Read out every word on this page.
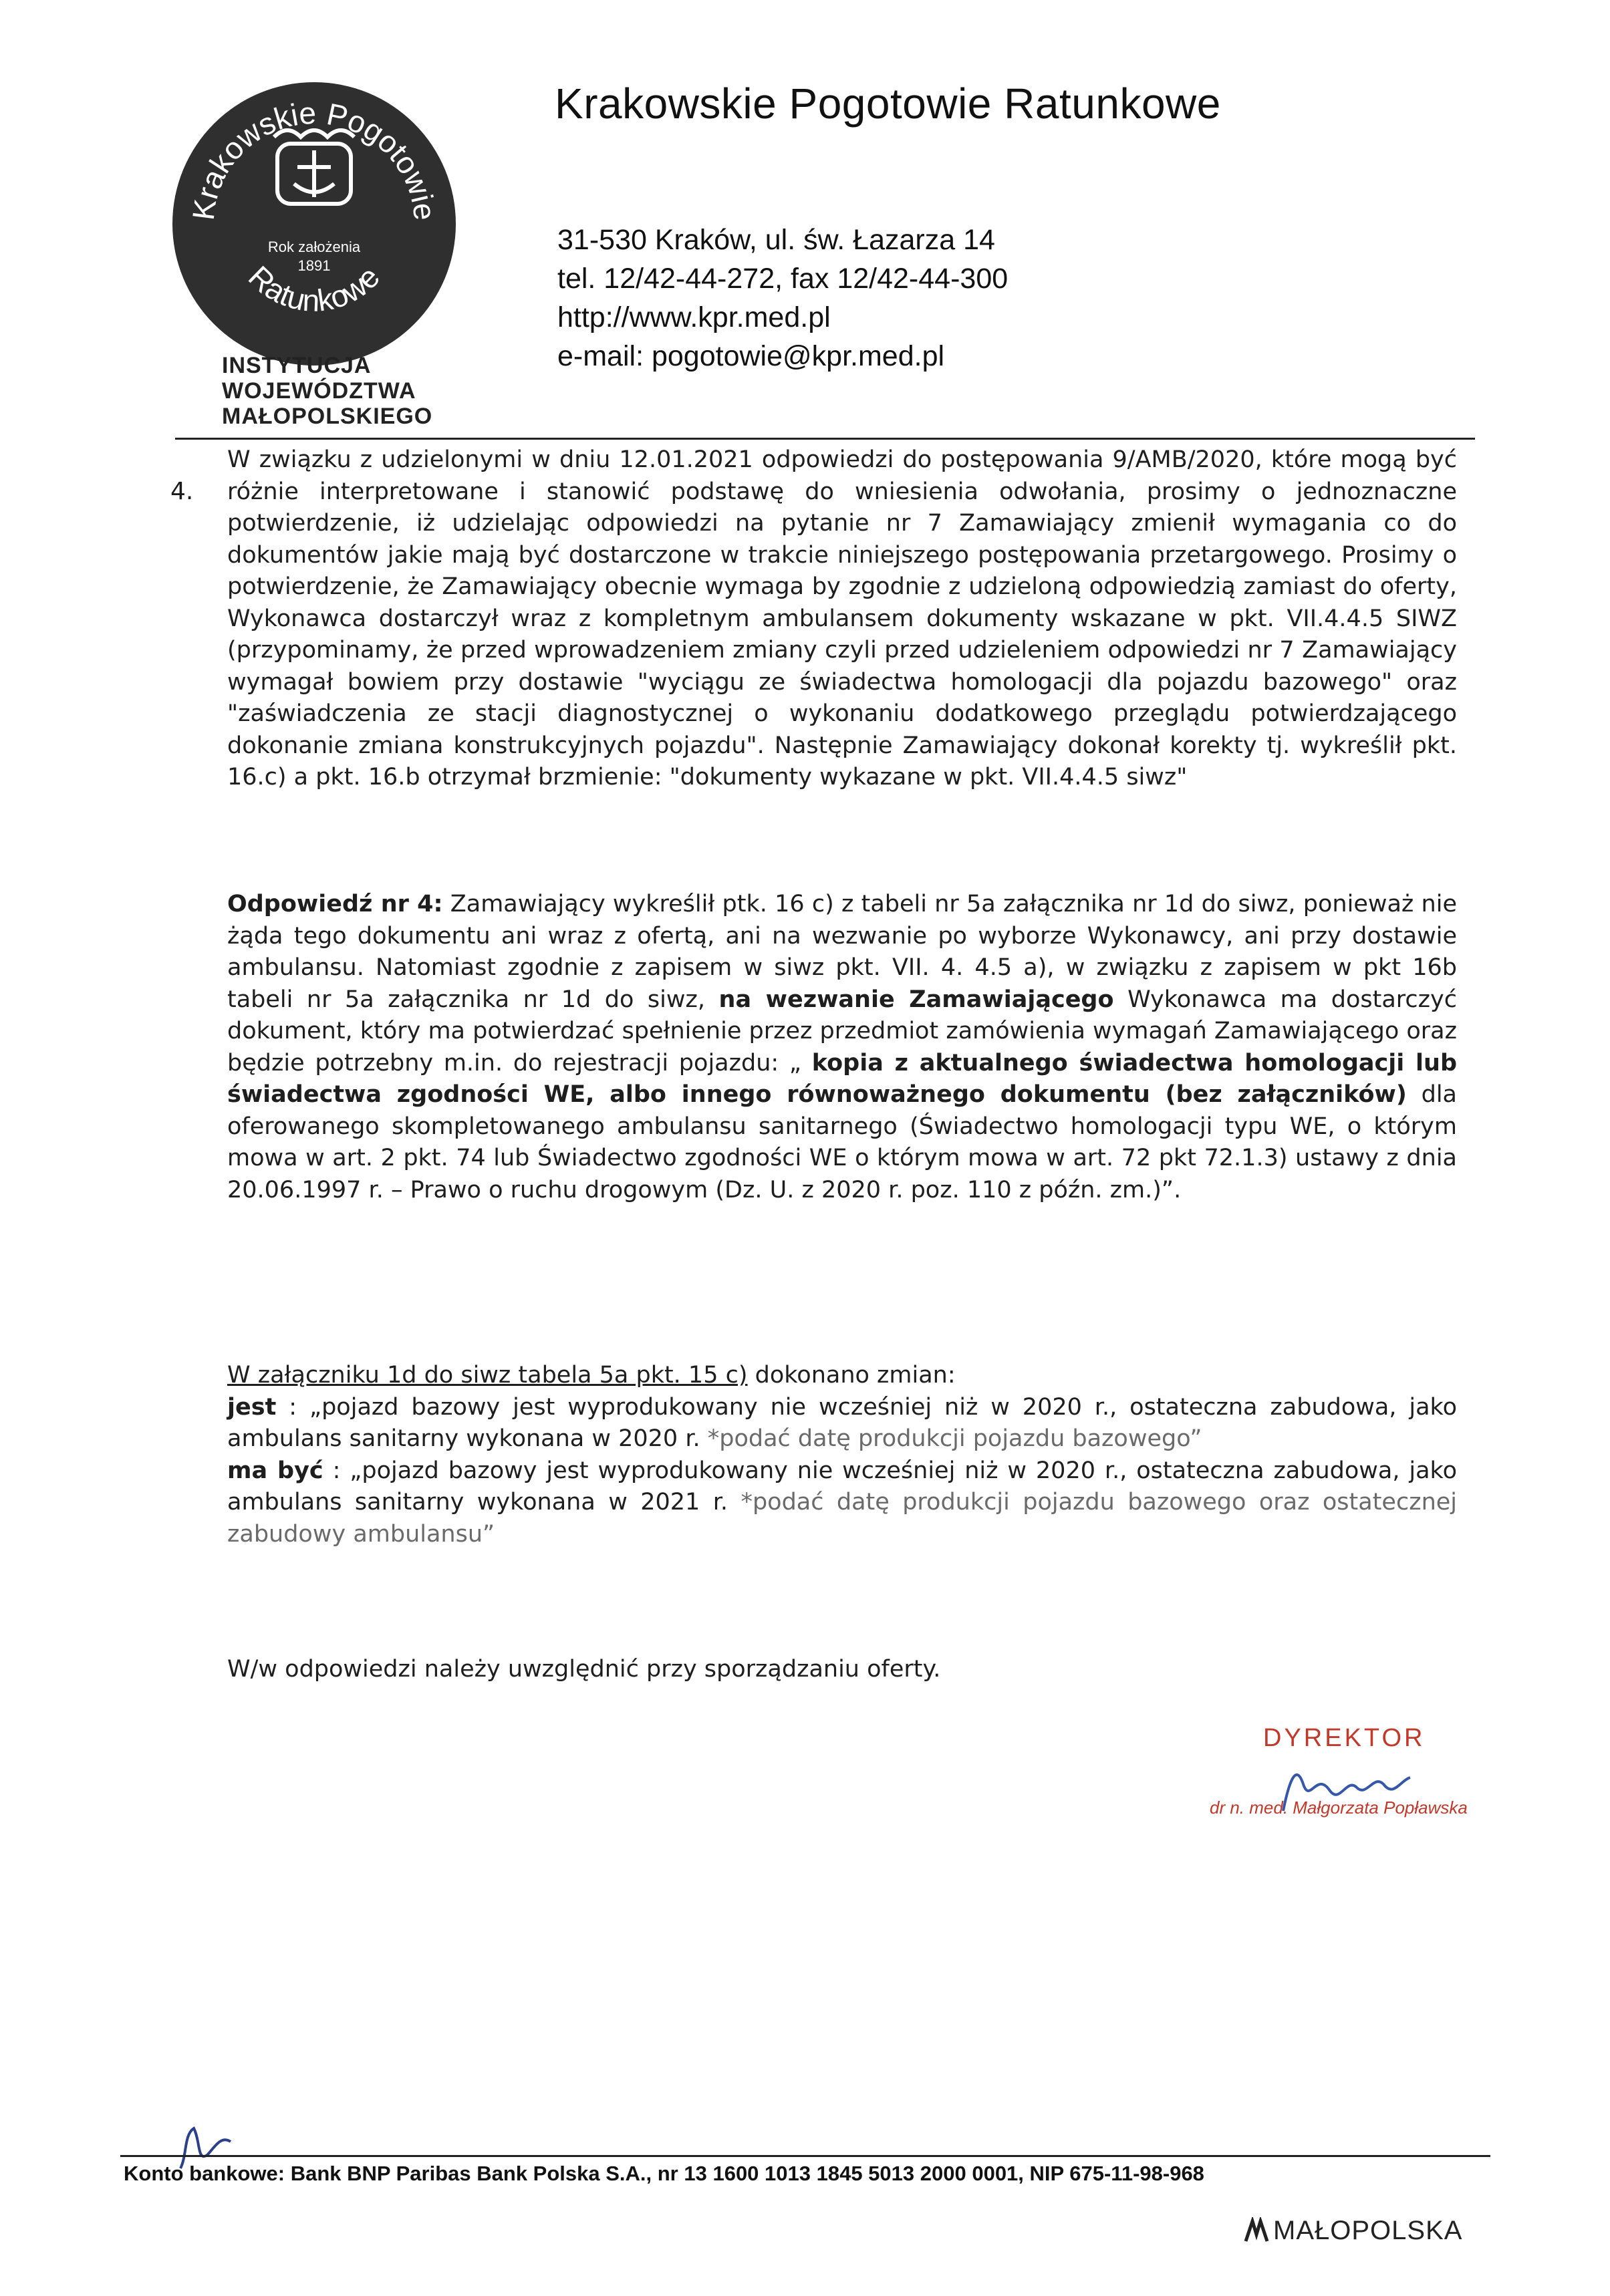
Krakowskie Pogotowie
Ratunkowe
Rok założenia
1891
INSTYTUCJA
WOJEWÓDZTWA
MAŁOPOLSKIEGO
Krakowskie Pogotowie Ratunkowe
31-530 Kraków, ul. św. Łazarza 14
tel. 12/42-44-272, fax 12/42-44-300
http://www.kpr.med.pl
e-mail: pogotowie@kpr.med.pl
4.
W związku z udzielonymi w dniu 12.01.2021 odpowiedzi do postępowania 9/AMB/2020, które mogą być różnie interpretowane i stanowić podstawę do wniesienia odwołania, prosimy o jednoznaczne potwierdzenie, iż udzielając odpowiedzi na pytanie nr 7 Zamawiający zmienił wymagania co do dokumentów jakie mają być dostarczone w trakcie niniejszego postępowania przetargowego. Prosimy o potwierdzenie, że Zamawiający obecnie wymaga by zgodnie z udzieloną odpowiedzią zamiast do oferty, Wykonawca dostarczył wraz z kompletnym ambulansem dokumenty wskazane w pkt. VII.4.4.5 SIWZ (przypominamy, że przed wprowadzeniem zmiany czyli przed udzieleniem odpowiedzi nr 7 Zamawiający wymagał bowiem przy dostawie "wyciągu ze świadectwa homologacji dla pojazdu bazowego" oraz "zaświadczenia ze stacji diagnostycznej o wykonaniu dodatkowego przeglądu potwierdzającego dokonanie zmiana konstrukcyjnych pojazdu". Następnie Zamawiający dokonał korekty tj. wykreślił pkt. 16.c) a pkt. 16.b otrzymał brzmienie: "dokumenty wykazane w pkt. VII.4.4.5 siwz"
Odpowiedź nr 4: Zamawiający wykreślił ptk. 16 c) z tabeli nr 5a załącznika nr 1d do siwz, ponieważ nie żąda tego dokumentu ani wraz z ofertą, ani na wezwanie po wyborze Wykonawcy, ani przy dostawie ambulansu. Natomiast zgodnie z zapisem w siwz pkt. VII. 4. 4.5 a), w związku z zapisem w pkt 16b tabeli nr 5a załącznika nr 1d do siwz, na wezwanie Zamawiającego Wykonawca ma dostarczyć dokument, który ma potwierdzać spełnienie przez przedmiot zamówienia wymagań Zamawiającego oraz będzie potrzebny m.in. do rejestracji pojazdu: „ kopia z aktualnego świadectwa homologacji lub świadectwa zgodności WE, albo innego równoważnego dokumentu (bez załączników) dla oferowanego skompletowanego ambulansu sanitarnego (Świadectwo homologacji typu WE, o którym mowa w art. 2 pkt. 74 lub Świadectwo zgodności WE o którym mowa w art. 72 pkt 72.1.3) ustawy z dnia 20.06.1997 r. – Prawo o ruchu drogowym (Dz. U. z 2020 r. poz. 110 z późn. zm.)”.
W załączniku 1d do siwz tabela 5a pkt. 15 c) dokonano zmian:
jest : „pojazd bazowy jest wyprodukowany nie wcześniej niż w 2020 r., ostateczna zabudowa, jako ambulans sanitarny wykonana w 2020 r. *podać datę produkcji pojazdu bazowego”
ma być : „pojazd bazowy jest wyprodukowany nie wcześniej niż w 2020 r., ostateczna zabudowa, jako ambulans sanitarny wykonana w 2021 r. *podać datę produkcji pojazdu bazowego oraz ostatecznej zabudowy ambulansu”
W/w odpowiedzi należy uwzględnić przy sporządzaniu oferty.
DYREKTOR
dr n. med. Małgorzata Popławska
Konto bankowe: Bank BNP Paribas Bank Polska S.A., nr 13 1600 1013 1845 5013 2000 0001, NIP 675-11-98-968
MAŁOPOLSKA
